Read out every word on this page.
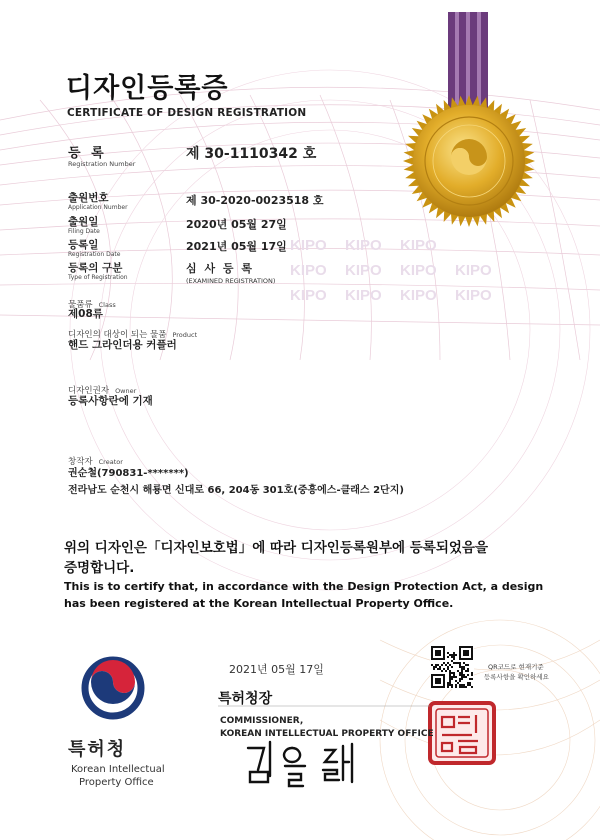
KIPO KIPO KIPO
KIPO KIPO KIPO KIPO
KIPO KIPO KIPO KIPO
디자인등록증
CERTIFICATE OF DESIGN REGISTRATION
등 록
Registration Number
제 30-1110342 호
출원번호
Application Number
제 30-2020-0023518 호
출원일
Filing Date
2020년 05월 27일
등록일
Registration Date
2021년 05월 17일
등록의 구분
Type of Registration
심 사 등 록
(EXAMINED REGISTRATION)
물품류 Class
제08류
디자인의 대상이 되는 물품 Product
핸드 그라인더용 커플러
디자인권자 Owner
등록사항란에 기재
창작자 Creator
권순철(790831-*******)
전라남도 순천시 해룡면 신대로 66, 204동 301호(중흥에스-클래스 2단지)
위의 디자인은「디자인보호법」에 따라 디자인등록원부에 등록되었음을
증명합니다.
This is to certify that, in accordance with the Design Protection Act, a design
has been registered at the Korean Intellectual Property Office.
2021년 05월 17일
특허청장
COMMISSIONER,
KOREAN INTELLECTUAL PROPERTY OFFICE
특허청
Korean Intellectual
Property Office
QR코드로 현재기준
등록사항을 확인하세요
